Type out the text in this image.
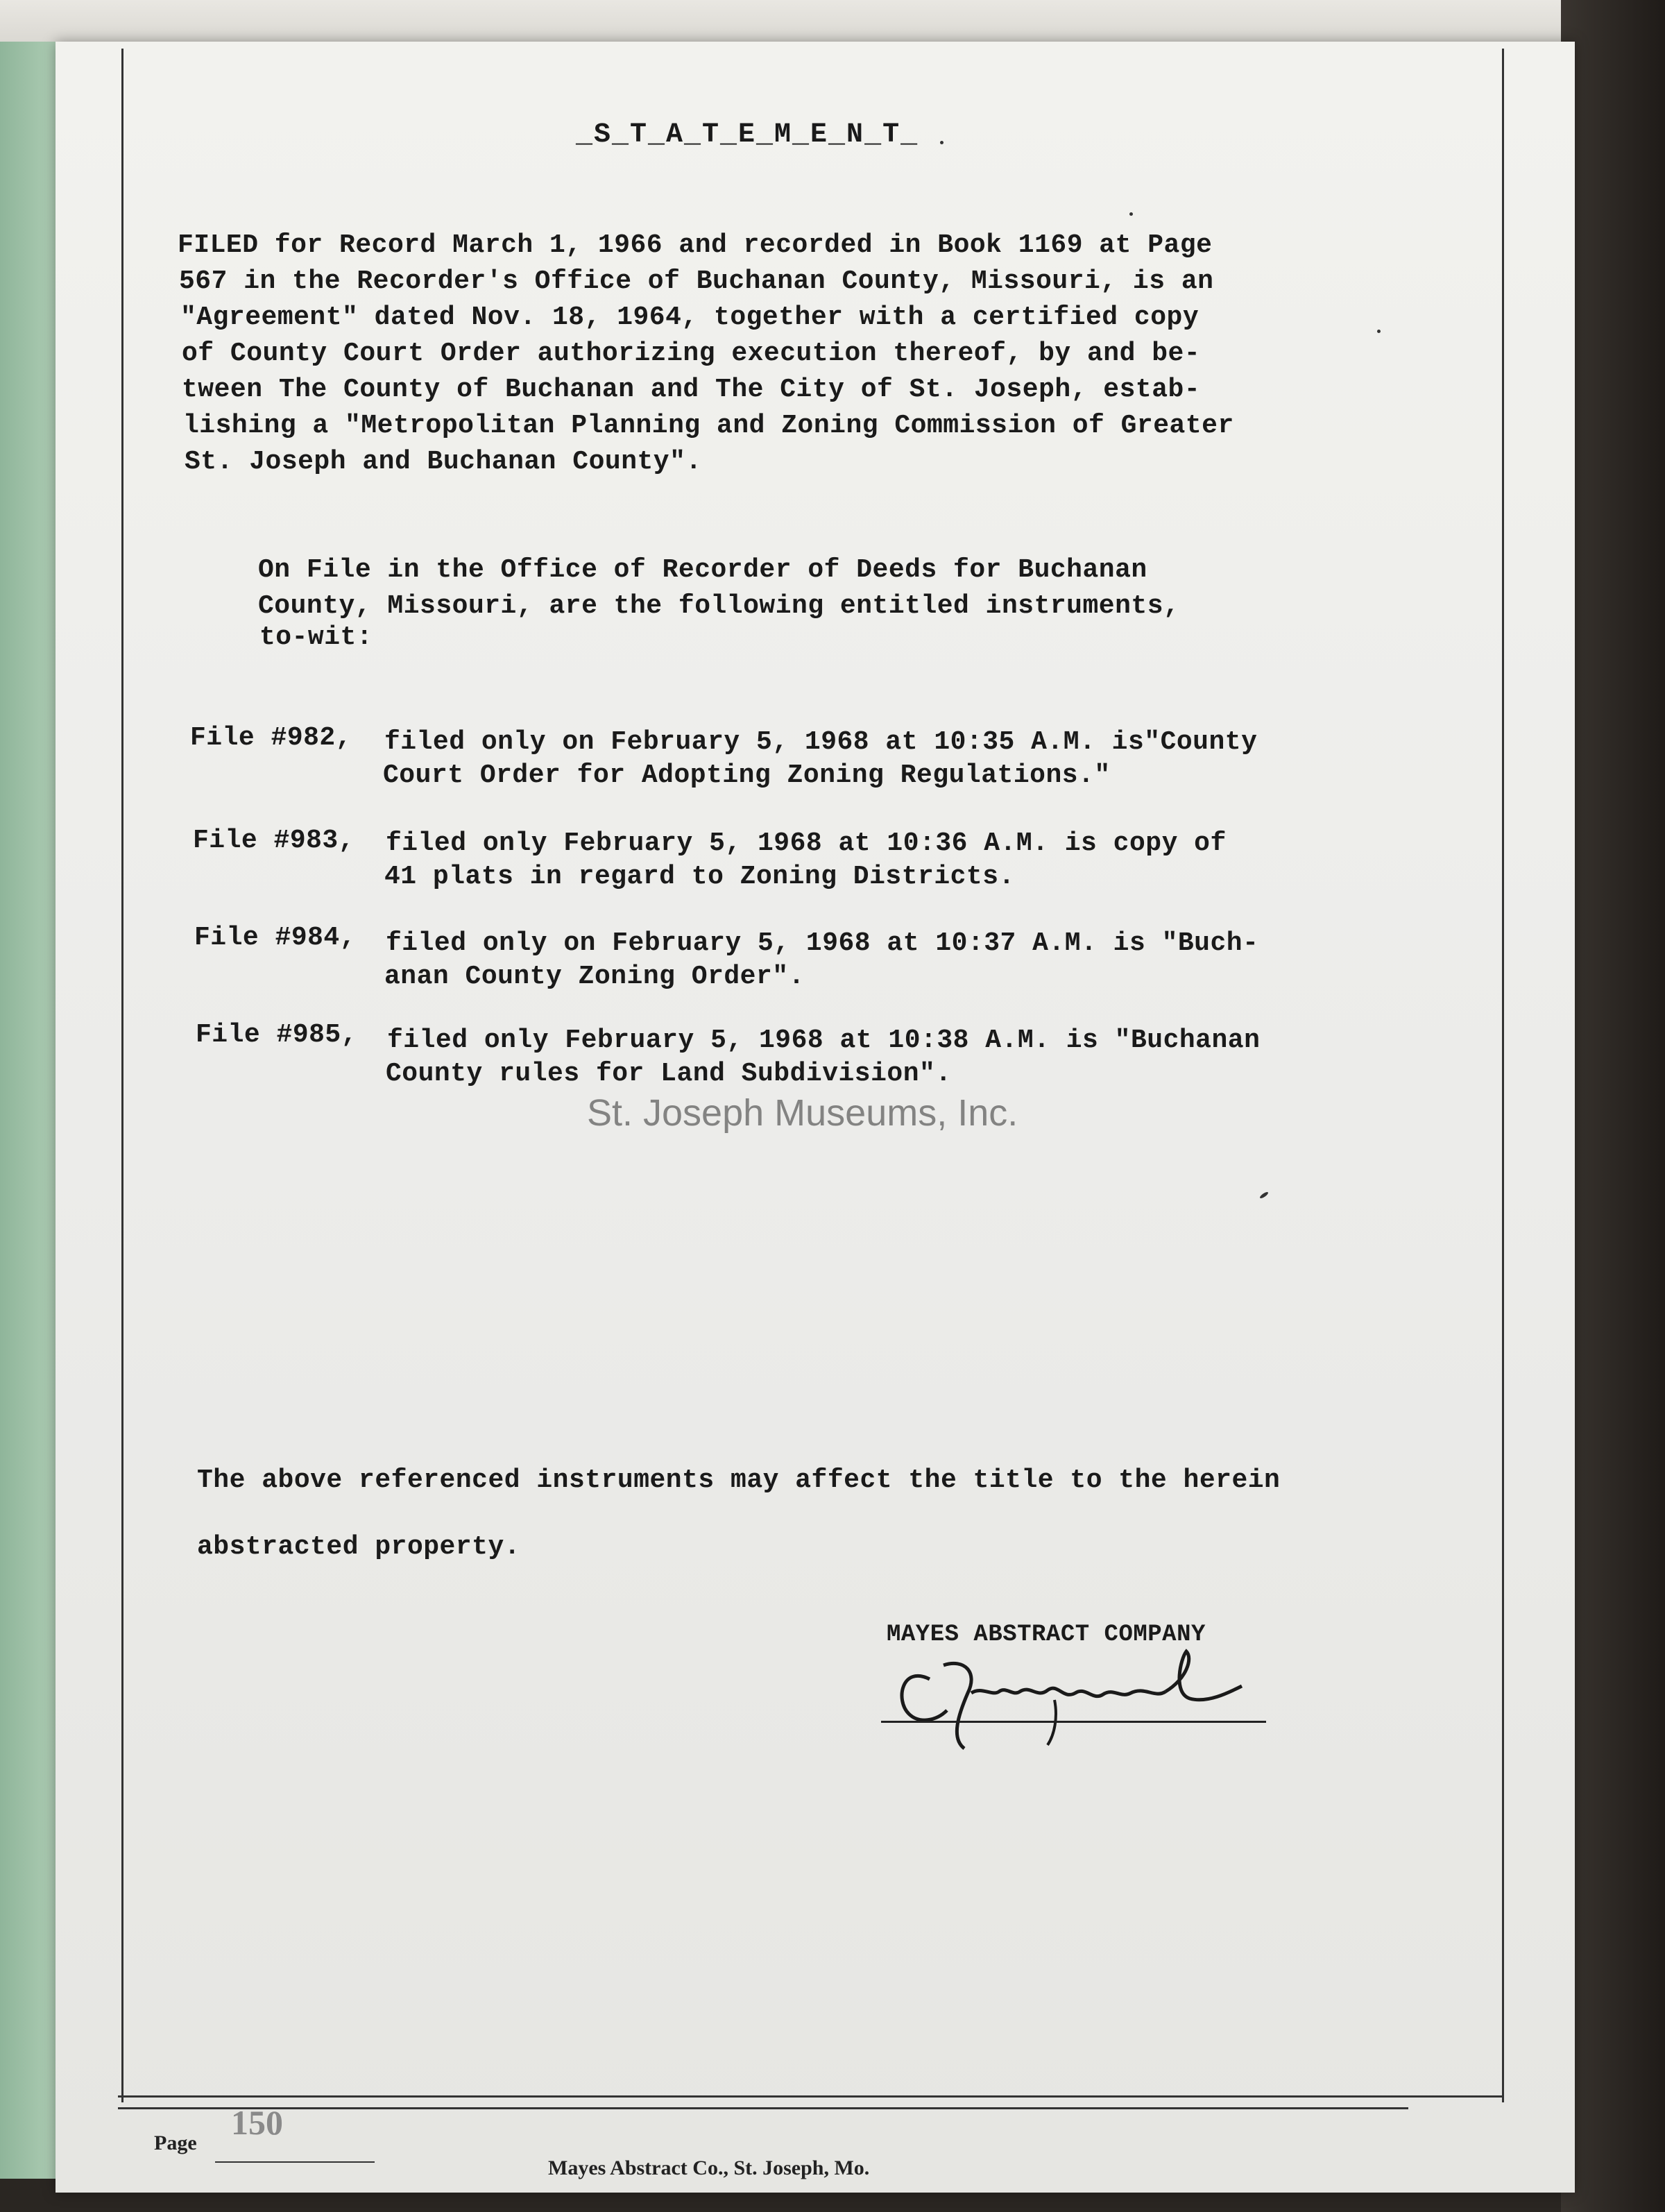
_S_T_A_T_E_M_E_N_T_
FILED for Record March 1, 1966 and recorded in Book 1169 at Page
567 in the Recorder's Office of Buchanan County, Missouri, is an
"Agreement" dated Nov. 18, 1964, together with a certified copy
of County Court Order authorizing execution thereof, by and be-
tween The County of Buchanan and The City of St. Joseph, estab-
lishing a "Metropolitan Planning and Zoning Commission of Greater
St. Joseph and Buchanan County".
On File in the Office of Recorder of Deeds for Buchanan
County, Missouri, are the following entitled instruments,
to-wit:
File #982, filed only on February 5, 1968 at 10:35 A.M. is"County
Court Order for Adopting Zoning Regulations."
File #983, filed only February 5, 1968 at 10:36 A.M. is copy of
41 plats in regard to Zoning Districts.
File #984, filed only on February 5, 1968 at 10:37 A.M. is "Buch-
anan County Zoning Order".
File #985, filed only February 5, 1968 at 10:38 A.M. is "Buchanan
County rules for Land Subdivision".
St. Joseph Museums, Inc.
The above referenced instruments may affect the title to the herein
abstracted property.
MAYES ABSTRACT COMPANY
Page
150
Mayes Abstract Co., St. Joseph, Mo.
